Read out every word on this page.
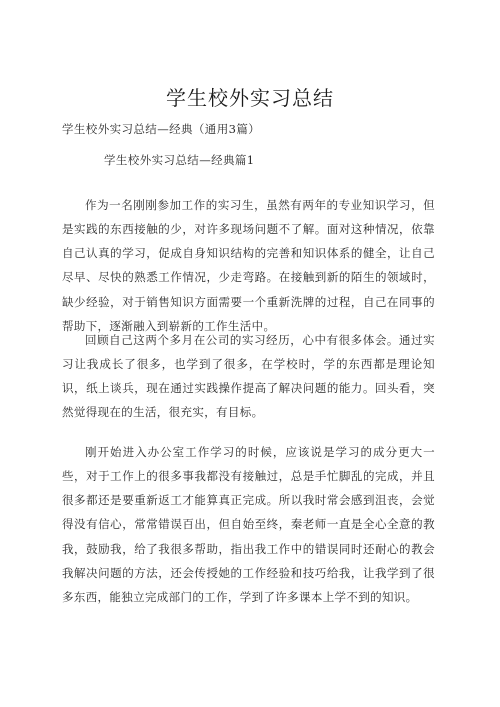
学生校外实习总结
学生校外实习总结—经典（通用3篇）
学生校外实习总结—经典篇1

作为一名刚刚参加工作的实习生，虽然有两年的专业知识学习，但是实践的东西接触的少，对许多现场问题不了解。面对这种情况，依靠自己认真的学习，促成自身知识结构的完善和知识体系的健全，让自己尽早、尽快的熟悉工作情况，少走弯路。在接触到新的陌生的领域时，缺少经验，对于销售知识方面需要一个重新洗牌的过程，自己在同事的帮助下，逐渐融入到崭新的工作生活中。

回顾自己这两个多月在公司的实习经历，心中有很多体会。通过实习让我成长了很多，也学到了很多，在学校时，学的东西都是理论知识，纸上谈兵，现在通过实践操作提高了解决问题的能力。回头看，突然觉得现在的生活，很充实，有目标。

刚开始进入办公室工作学习的时候，应该说是学习的成分更大一些，对于工作上的很多事我都没有接触过，总是手忙脚乱的完成，并且很多都还是要重新返工才能算真正完成。所以我时常会感到沮丧，会觉得没有信心，常常错误百出，但自始至终，秦老师一直是全心全意的教我，鼓励我，给了我很多帮助，指出我工作中的错误同时还耐心的教会我解决问题的方法，还会传授她的工作经验和技巧给我，让我学到了很多东西，能独立完成部门的工作，学到了许多课本上学不到的知识。
